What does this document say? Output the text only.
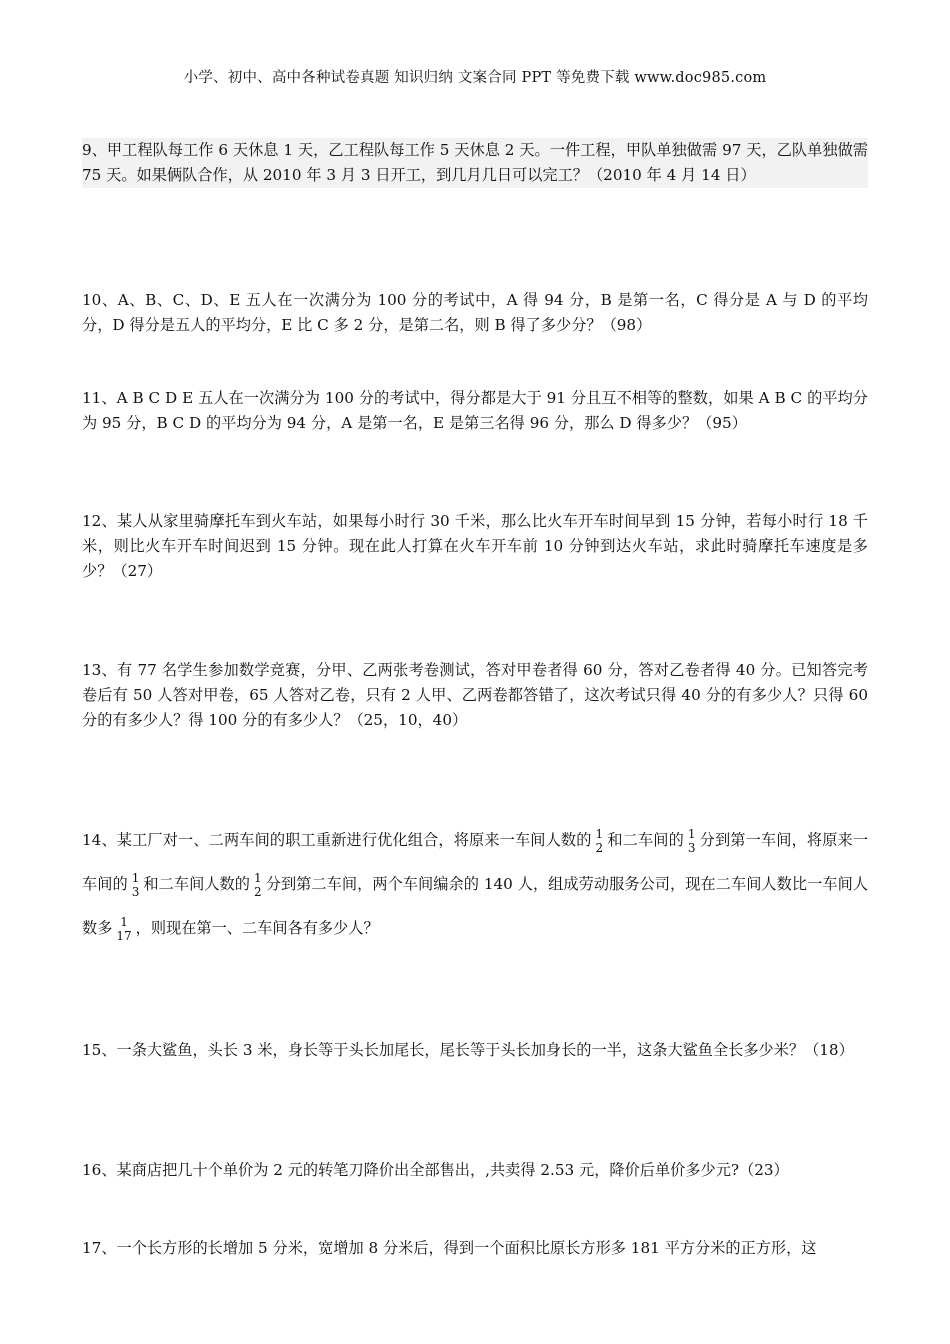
小学、初中、高中各种试卷真题 知识归纳 文案合同 PPT 等免费下载 www.doc985.com
9、甲工程队每工作 6 天休息 1 天，乙工程队每工作 5 天休息 2 天。一件工程，甲队单独做需 97 天，乙队单独做需 75 天。如果俩队合作，从 2010 年 3 月 3 日开工，到几月几日可以完工？（2010 年 4 月 14 日）
10、A、B、C、D、E 五人在一次满分为 100 分的考试中，A 得 94 分，B 是第一名，C 得分是 A 与 D 的平均分，D 得分是五人的平均分，E 比 C 多 2 分，是第二名，则 B 得了多少分？（98）
11、A B C D E 五人在一次满分为 100 分的考试中，得分都是大于 91 分且互不相等的整数，如果 A B C 的平均分为 95 分，B C D 的平均分为 94 分，A 是第一名，E 是第三名得 96 分，那么 D 得多少？（95）
12、某人从家里骑摩托车到火车站，如果每小时行 30 千米，那么比火车开车时间早到 15 分钟，若每小时行 18 千米，则比火车开车时间迟到 15 分钟。现在此人打算在火车开车前 10 分钟到达火车站，求此时骑摩托车速度是多少？（27）
13、有 77 名学生参加数学竞赛，分甲、乙两张考卷测试，答对甲卷者得 60 分，答对乙卷者得 40 分。已知答完考卷后有 50 人答对甲卷，65 人答对乙卷，只有 2 人甲、乙两卷都答错了，这次考试只得 40 分的有多少人？只得 60 分的有多少人？得 100 分的有多少人？（25，10，40）
14、某工厂对一、二两车间的职工重新进行优化组合，将原来一车间人数的 1
2 和二车间的 1
3 分到第一车间，将原来一车间的 1
3 和二车间人数的 1
2 分到第二车间，两个车间编余的 140 人，组成劳动服务公司，现在二车间人数比一车间人数多 1
17 ，则现在第一、二车间各有多少人？
15、一条大鲨鱼，头长 3 米，身长等于头长加尾长，尾长等于头长加身长的一半，这条大鲨鱼全长多少米？（18）
16、某商店把几十个单价为 2 元的转笔刀降价出全部售出，,共卖得 2.53 元，降价后单价多少元?（23）
17、一个长方形的长增加 5 分米，宽增加 8 分米后，得到一个面积比原长方形多 181 平方分米的正方形，这
